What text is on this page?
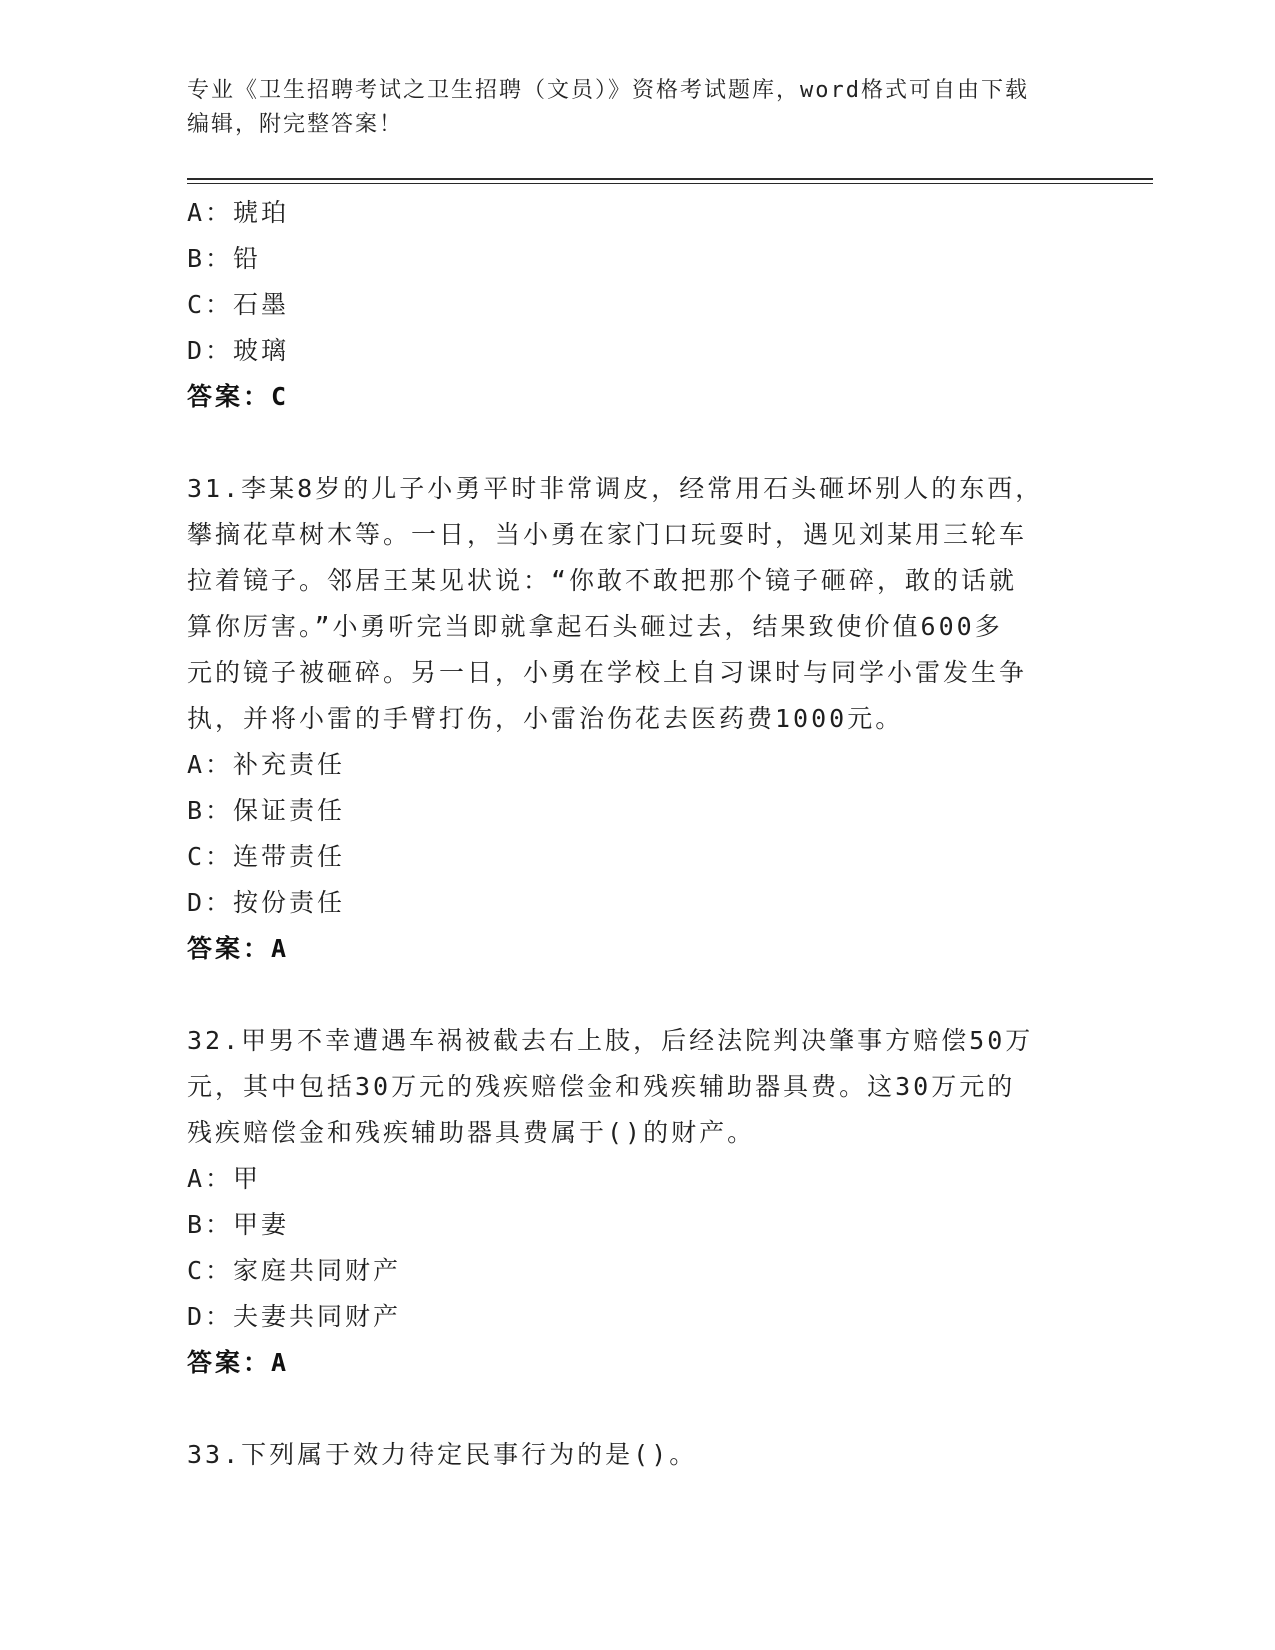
专业《卫生招聘考试之卫生招聘（文员）》资格考试题库，word格式可自由下载
编辑，附完整答案！
A：琥珀
B：铅
C：石墨
D：玻璃
答案：C
31.李某8岁的儿子小勇平时非常调皮，经常用石头砸坏别人的东西，
攀摘花草树木等。一日，当小勇在家门口玩耍时，遇见刘某用三轮车
拉着镜子。邻居王某见状说：“你敢不敢把那个镜子砸碎，敢的话就
算你厉害。”小勇听完当即就拿起石头砸过去，结果致使价值600多
元的镜子被砸碎。另一日，小勇在学校上自习课时与同学小雷发生争
执，并将小雷的手臂打伤，小雷治伤花去医药费1000元。
A：补充责任
B：保证责任
C：连带责任
D：按份责任
答案：A
32.甲男不幸遭遇车祸被截去右上肢，后经法院判决肇事方赔偿50万
元，其中包括30万元的残疾赔偿金和残疾辅助器具费。这30万元的
残疾赔偿金和残疾辅助器具费属于()的财产。
A：甲
B：甲妻
C：家庭共同财产
D：夫妻共同财产
答案：A
33.下列属于效力待定民事行为的是()。
